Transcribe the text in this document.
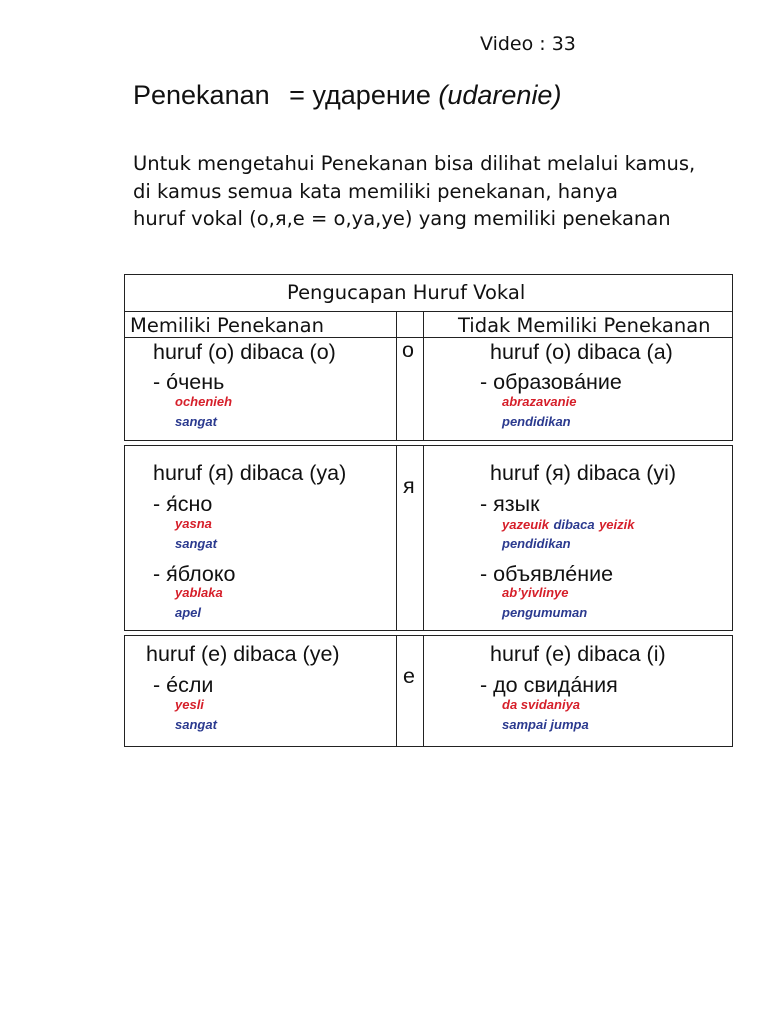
Video : 33
Penekanan = ударение (udarenie)
Untuk mengetahui Penekanan bisa dilihat melalui kamus,
di kamus semua kata memiliki penekanan, hanya
huruf vokal (o,я,е = o,ya,ye) yang memiliki penekanan
Pengucapan Huruf Vokal
Memiliki Penekanan	Tidak Memiliki Penekanan
о
huruf (о) dibaca (o)
- óчень
ochenieh
sangat
huruf (о) dibaca (a)
- образовáние
abrazavanie
pendidikan
я
huruf (я) dibaca (ya)
- я́сно
yasna
sangat
- я́блоко
yablaka
apel
huruf (я) dibaca (yi)
- язык
yazeuik dibaca yeizik
pendidikan
- объявлéние
ab’yivlinye
pengumuman
е
huruf (е) dibaca (ye)
- éсли
yesli
sangat
huruf (е) dibaca (i)
- до свидáния
da svidaniya
sampai jumpa
